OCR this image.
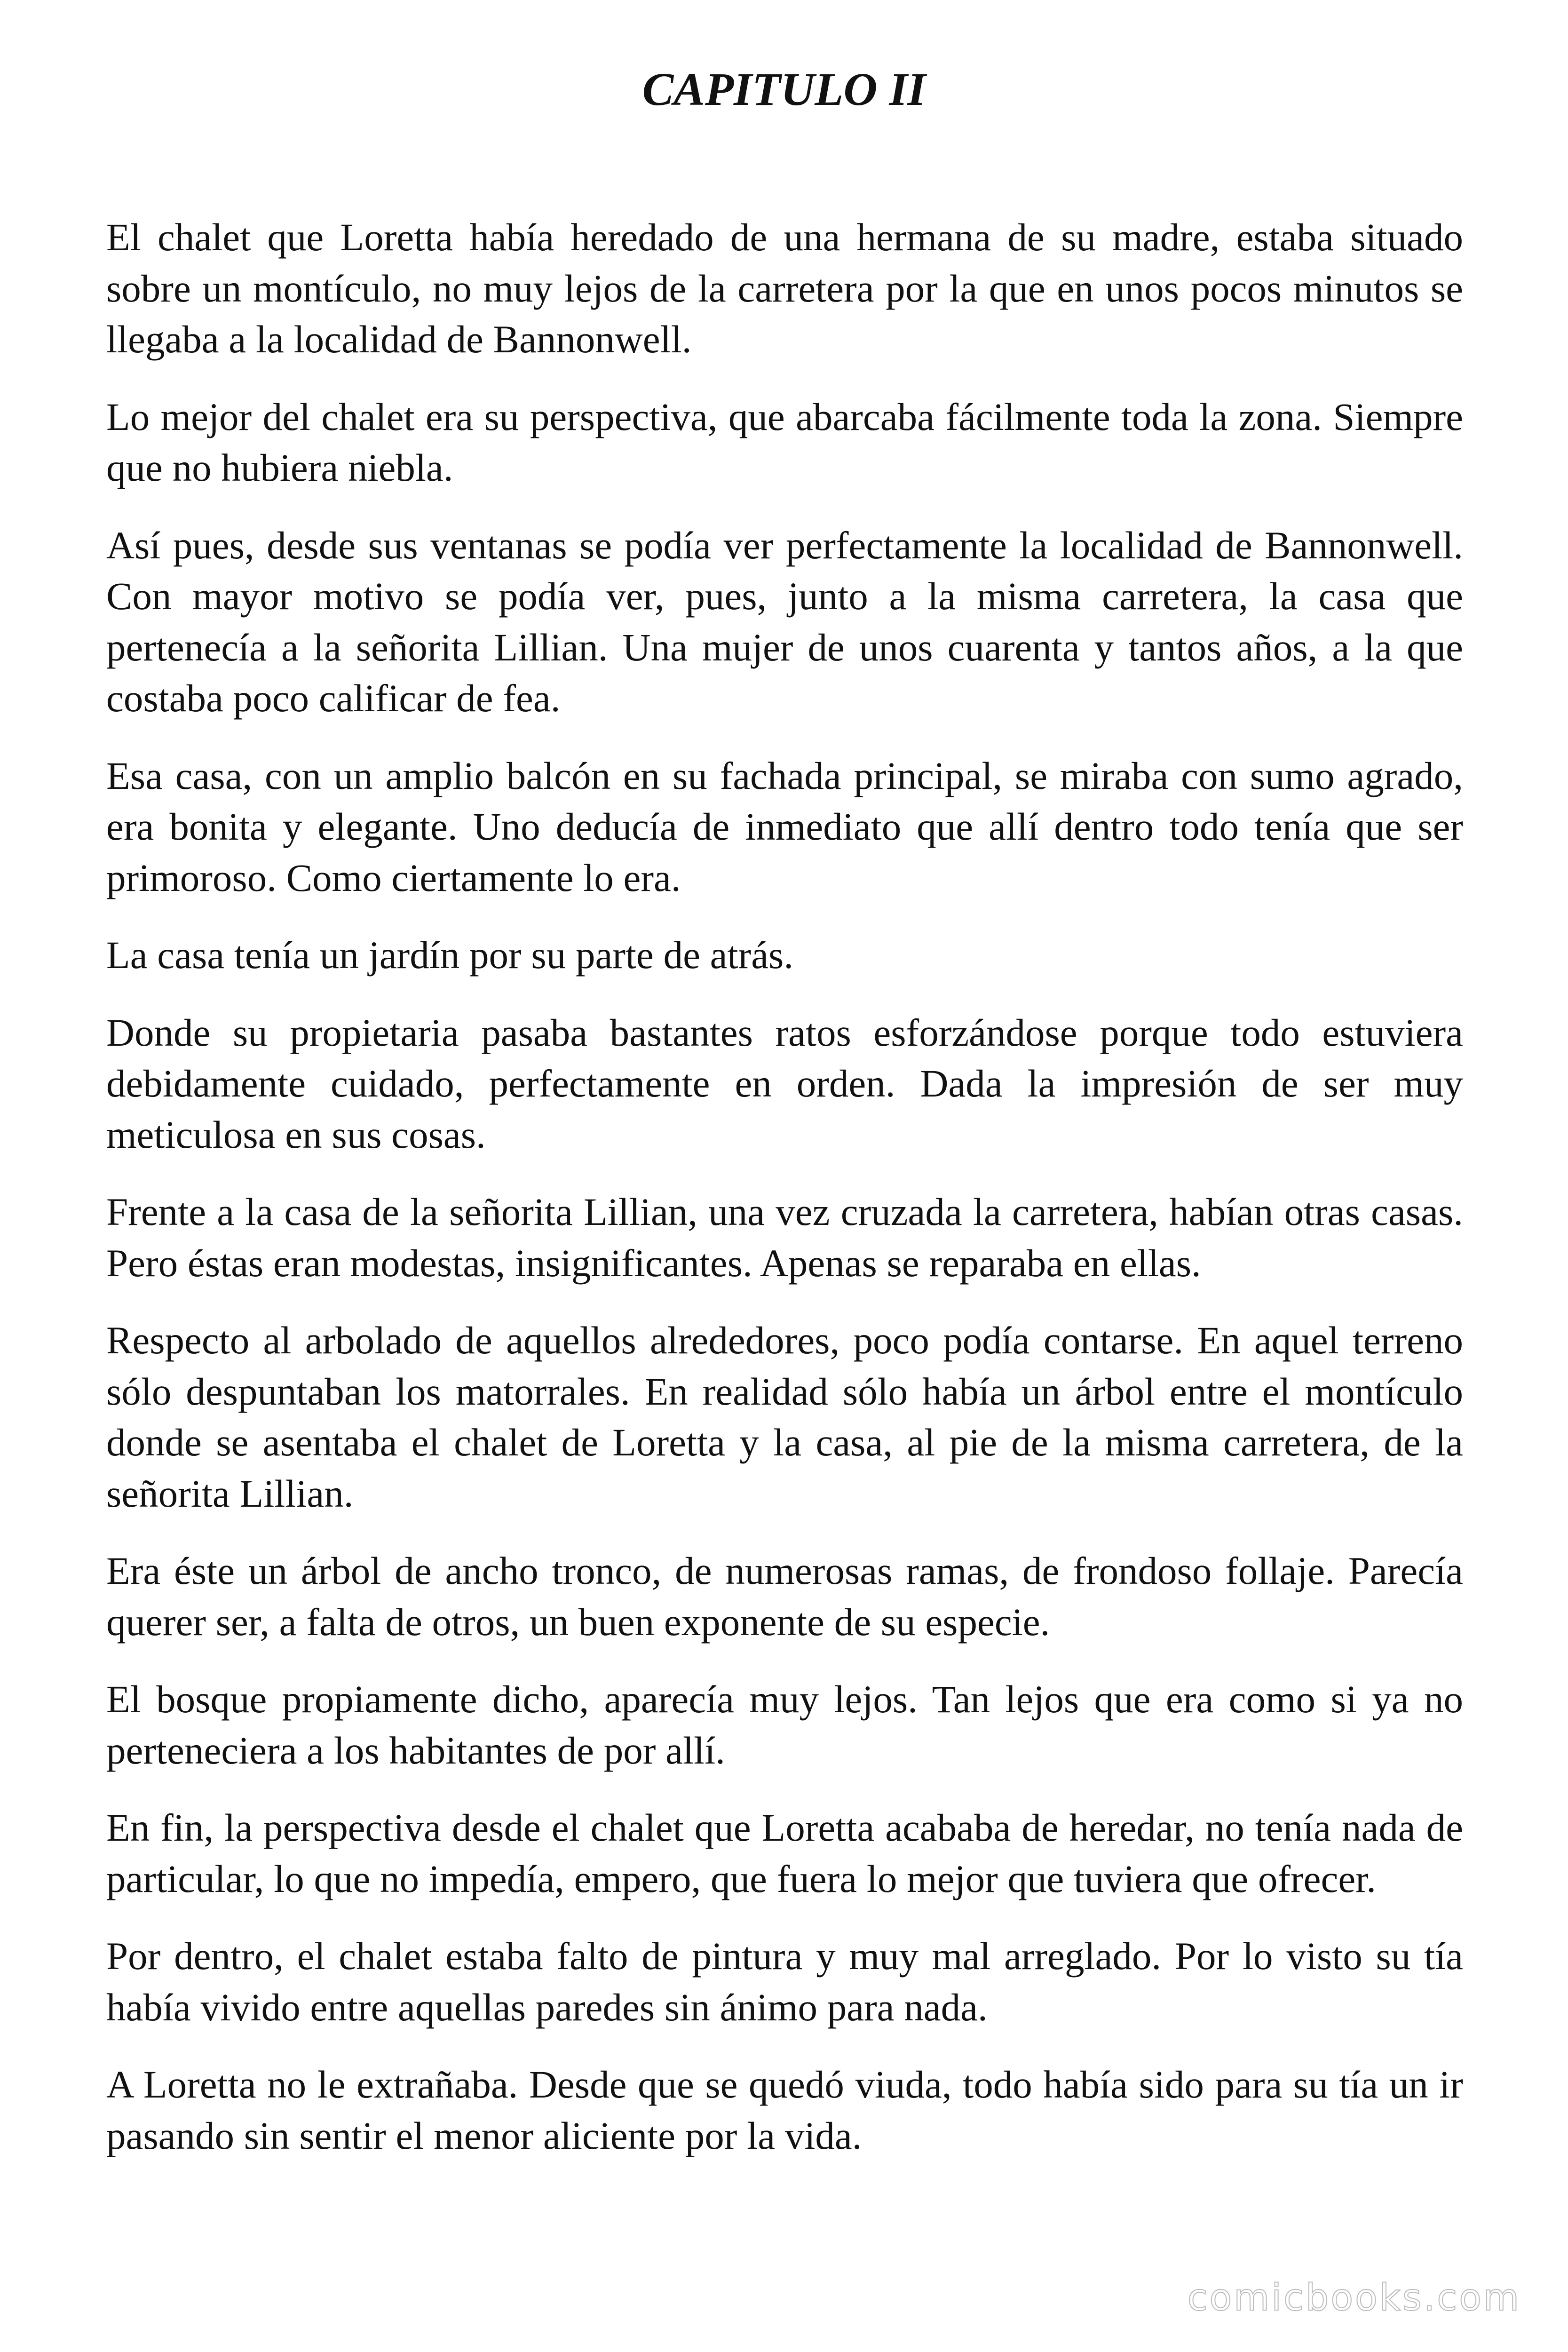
CAPITULO II

El chalet que Loretta había heredado de una hermana de su madre, estaba situado sobre un montículo, no muy lejos de la carretera por la que en unos pocos minutos se llegaba a la localidad de Bannonwell.

Lo mejor del chalet era su perspectiva, que abarcaba fácilmente toda la zona. Siempre que no hubiera niebla.

Así pues, desde sus ventanas se podía ver perfectamente la localidad de Bannonwell. Con mayor motivo se podía ver, pues, junto a la misma carretera, la casa que pertenecía a la señorita Lillian. Una mujer de unos cuarenta y tantos años, a la que costaba poco calificar de fea.

Esa casa, con un amplio balcón en su fachada principal, se miraba con sumo agrado, era bonita y elegante. Uno deducía de inmediato que allí dentro todo tenía que ser primoroso. Como ciertamente lo era.

La casa tenía un jardín por su parte de atrás.

Donde su propietaria pasaba bastantes ratos esforzándose porque todo estuviera debidamente cuidado, perfectamente en orden. Dada la impresión de ser muy meticulosa en sus cosas.

Frente a la casa de la señorita Lillian, una vez cruzada la carretera, habían otras casas. Pero éstas eran modestas, insignificantes. Apenas se reparaba en ellas.

Respecto al arbolado de aquellos alrededores, poco podía contarse. En aquel terreno sólo despuntaban los matorrales. En realidad sólo había un árbol entre el montículo donde se asentaba el chalet de Loretta y la casa, al pie de la misma carretera, de la señorita Lillian.

Era éste un árbol de ancho tronco, de numerosas ramas, de frondoso follaje. Parecía querer ser, a falta de otros, un buen exponente de su especie.

El bosque propiamente dicho, aparecía muy lejos. Tan lejos que era como si ya no perteneciera a los habitantes de por allí.

En fin, la perspectiva desde el chalet que Loretta acababa de heredar, no tenía nada de particular, lo que no impedía, empero, que fuera lo mejor que tuviera que ofrecer.

Por dentro, el chalet estaba falto de pintura y muy mal arreglado. Por lo visto su tía había vivido entre aquellas paredes sin ánimo para nada.

A Loretta no le extrañaba. Desde que se quedó viuda, todo había sido para su tía un ir pasando sin sentir el menor aliciente por la vida.

comicbooks.com
